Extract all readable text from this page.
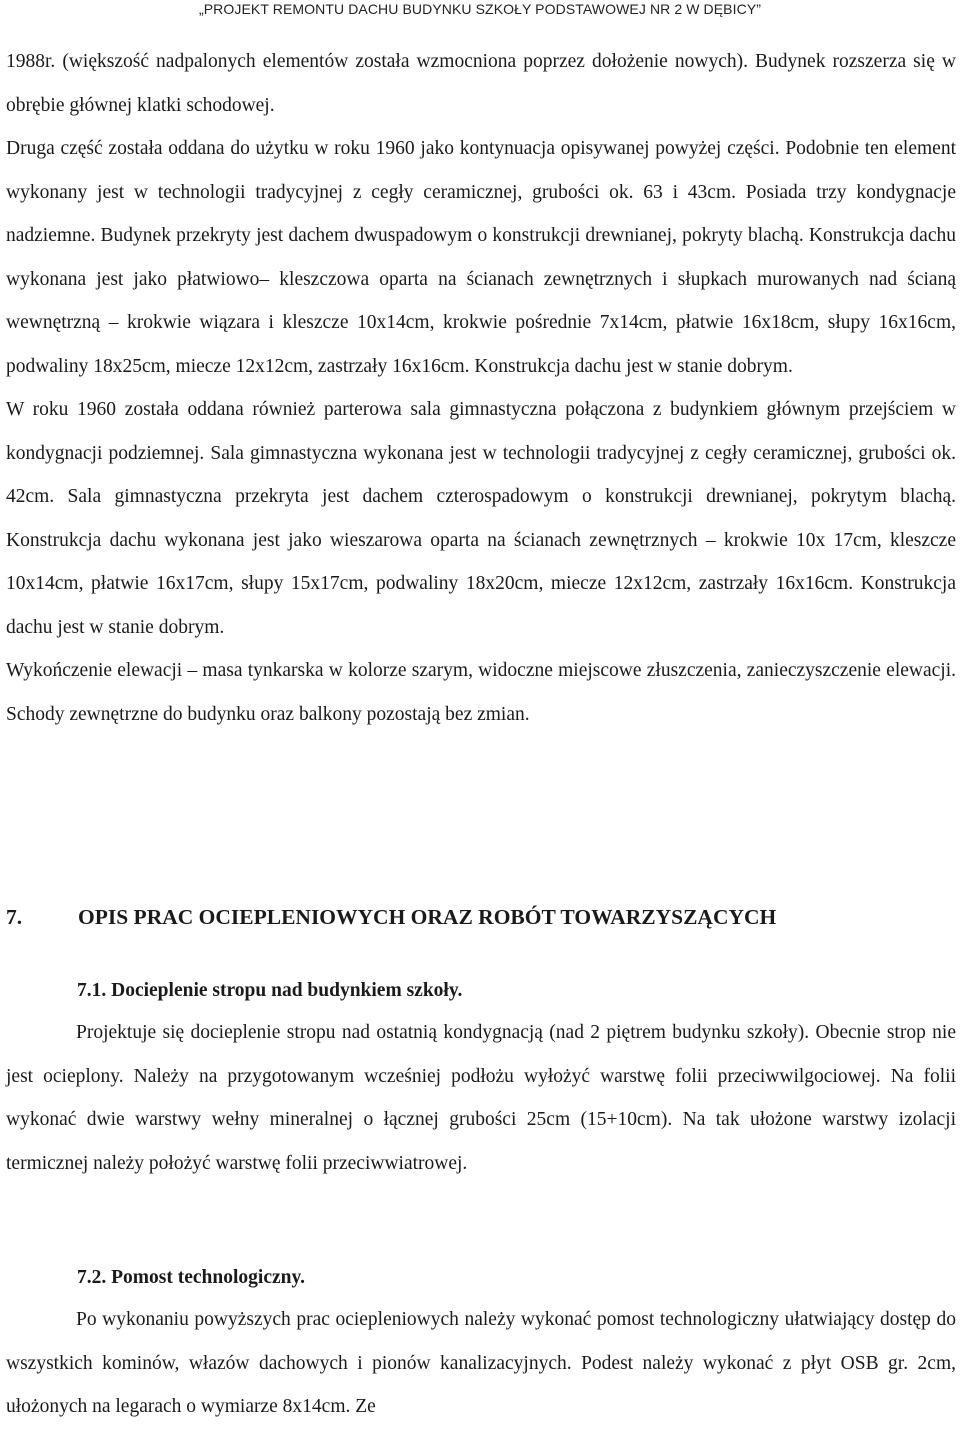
„PROJEKT REMONTU DACHU BUDYNKU SZKOŁY PODSTAWOWEJ NR 2 W DĘBICY”

1988r. (większość nadpalonych elementów została wzmocniona poprzez dołożenie nowych). Budynek rozszerza się w obrębie głównej klatki schodowej.

Druga część została oddana do użytku w roku 1960 jako kontynuacja opisywanej powyżej części. Podobnie ten element wykonany jest w technologii tradycyjnej z cegły ceramicznej, grubości ok. 63 i 43cm. Posiada trzy kondygnacje nadziemne. Budynek przekryty jest dachem dwuspadowym o konstrukcji drewnianej, pokryty blachą. Konstrukcja dachu wykonana jest jako płatwiowo– kleszczowa oparta na ścianach zewnętrznych i słupkach murowanych nad ścianą wewnętrzną – krokwie wiązara i kleszcze 10x14cm, krokwie pośrednie 7x14cm, płatwie 16x18cm, słupy 16x16cm, podwaliny 18x25cm, miecze 12x12cm, zastrzały 16x16cm. Konstrukcja dachu jest w stanie dobrym.

W roku 1960 została oddana również parterowa sala gimnastyczna połączona z budynkiem głównym przejściem w kondygnacji podziemnej. Sala gimnastyczna wykonana jest w technologii tradycyjnej z cegły ceramicznej, grubości ok. 42cm. Sala gimnastyczna przekryta jest dachem czterospadowym o konstrukcji drewnianej, pokrytym blachą. Konstrukcja dachu wykonana jest jako wieszarowa oparta na ścianach zewnętrznych – krokwie 10x 17cm, kleszcze 10x14cm, płatwie 16x17cm, słupy 15x17cm, podwaliny 18x20cm, miecze 12x12cm, zastrzały 16x16cm. Konstrukcja dachu jest w stanie dobrym.

Wykończenie elewacji – masa tynkarska w kolorze szarym, widoczne miejscowe złuszczenia, zanieczyszczenie elewacji. Schody zewnętrzne do budynku oraz balkony pozostają bez zmian.

7.	OPIS PRAC OCIEPLENIOWYCH ORAZ ROBÓT TOWARZYSZĄCYCH
7.1. Docieplenie stropu nad budynkiem szkoły.

Projektuje się docieplenie stropu nad ostatnią kondygnacją (nad 2 piętrem budynku szkoły). Obecnie strop nie jest ocieplony. Należy na przygotowanym wcześniej podłożu wyłożyć warstwę folii przeciwwilgociowej. Na folii wykonać dwie warstwy wełny mineralnej o łącznej grubości 25cm (15+10cm). Na tak ułożone warstwy izolacji termicznej należy położyć warstwę folii przeciwwiatrowej.

7.2. Pomost technologiczny.

Po wykonaniu powyższych prac ociepleniowych należy wykonać pomost technologiczny ułatwiający dostęp do wszystkich kominów, włazów dachowych i pionów kanalizacyjnych. Podest należy wykonać z płyt OSB gr. 2cm, ułożonych na legarach o wymiarze 8x14cm. Ze
